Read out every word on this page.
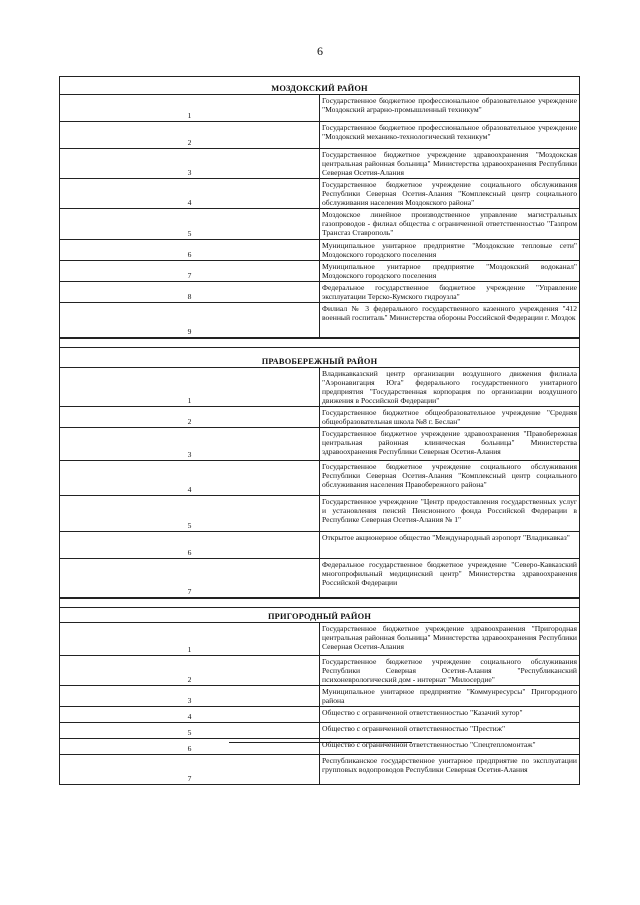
6
МОЗДОКСКИЙ РАЙОН	
1	Государственное бюджетное профессиональное образовательное учреждение "Моздокский аграрно-промышленный техникум"
2	Государственное бюджетное профессиональное образовательное учреждение "Моздокский механико-технологический техникум"
3	Государственное бюджетное учреждение здравоохранения "Моздокская центральная районная больница" Министерства здравоохранения Республики Северная Осетия-Алания
4	Государственное бюджетное учреждение социального обслуживания Республики Северная Осетия-Алания "Комплексный центр социального обслуживания населения Моздокского района"
5	Моздокское линейное производственное управление магистральных газопроводов - филиал общества с ограниченной ответственностью "Газпром Трансгаз Ставрополь"
6	Муниципальное унитарное предприятие "Моздокские тепловые сети" Моздокского городского поселения
7	Муниципальное унитарное предприятие "Моздокский водоканал" Моздокского городского поселения
8	Федеральное государственное бюджетное учреждение "Управление эксплуатации Терско-Кумского гидроузла"
9	Филиал № 3 федерального государственного казенного учреждения "412 военный госпиталь" Министерства обороны Российской Федерации г. Моздок

ПРАВОБЕРЕЖНЫЙ РАЙОН	
1	Владикавказский центр организации воздушного движения филиала "Аэронавигация Юга" федерального государственного унитарного предприятия "Государственная корпорация по организации воздушного движения в Российской Федерации"
2	Государственное бюджетное общеобразовательное учреждение "Средняя общеобразовательная школа №8 г. Беслан"
3	Государственное бюджетное учреждение здравоохранения "Правобережная центральная районная клиническая больница" Министерства здравоохранения Республики Северная Осетия-Алания
4	Государственное бюджетное учреждение социального обслуживания Республики Северная Осетия-Алания "Комплексный центр социального обслуживания населения Правобережного района"
5	Государственное учреждение "Центр предоставления государственных услуг и установления пенсий Пенсионного фонда Российской Федерации в Республике Северная Осетия-Алания № 1"
6	Открытое акционерное общество "Международный аэропорт "Владикавказ"
7	Федеральное государственное бюджетное учреждение "Северо-Кавказский многопрофильный медицинский центр" Министерства здравоохранения Российской Федерации

ПРИГОРОДНЫЙ РАЙОН	
1	Государственное бюджетное учреждение здравоохранения "Пригородная центральная районная больница" Министерства здравоохранения Республики Северная Осетия-Алания
2	Государственное бюджетное учреждение социального обслуживания Республики Северная Осетия-Алания "Республиканский психоневрологический дом - интернат "Милосердие"
3	Муниципальное унитарное предприятие "Коммунресурсы" Пригородного района
4	Общество с ограниченной ответственностью "Казачий хутор"
5	Общество с ограниченной ответственностью "Престиж"
6	Общество с ограниченной ответственностью "Спецтепломонтаж"
7	Республиканское государственное унитарное предприятие по эксплуатации групповых водопроводов Республики Северная Осетия-Алания
